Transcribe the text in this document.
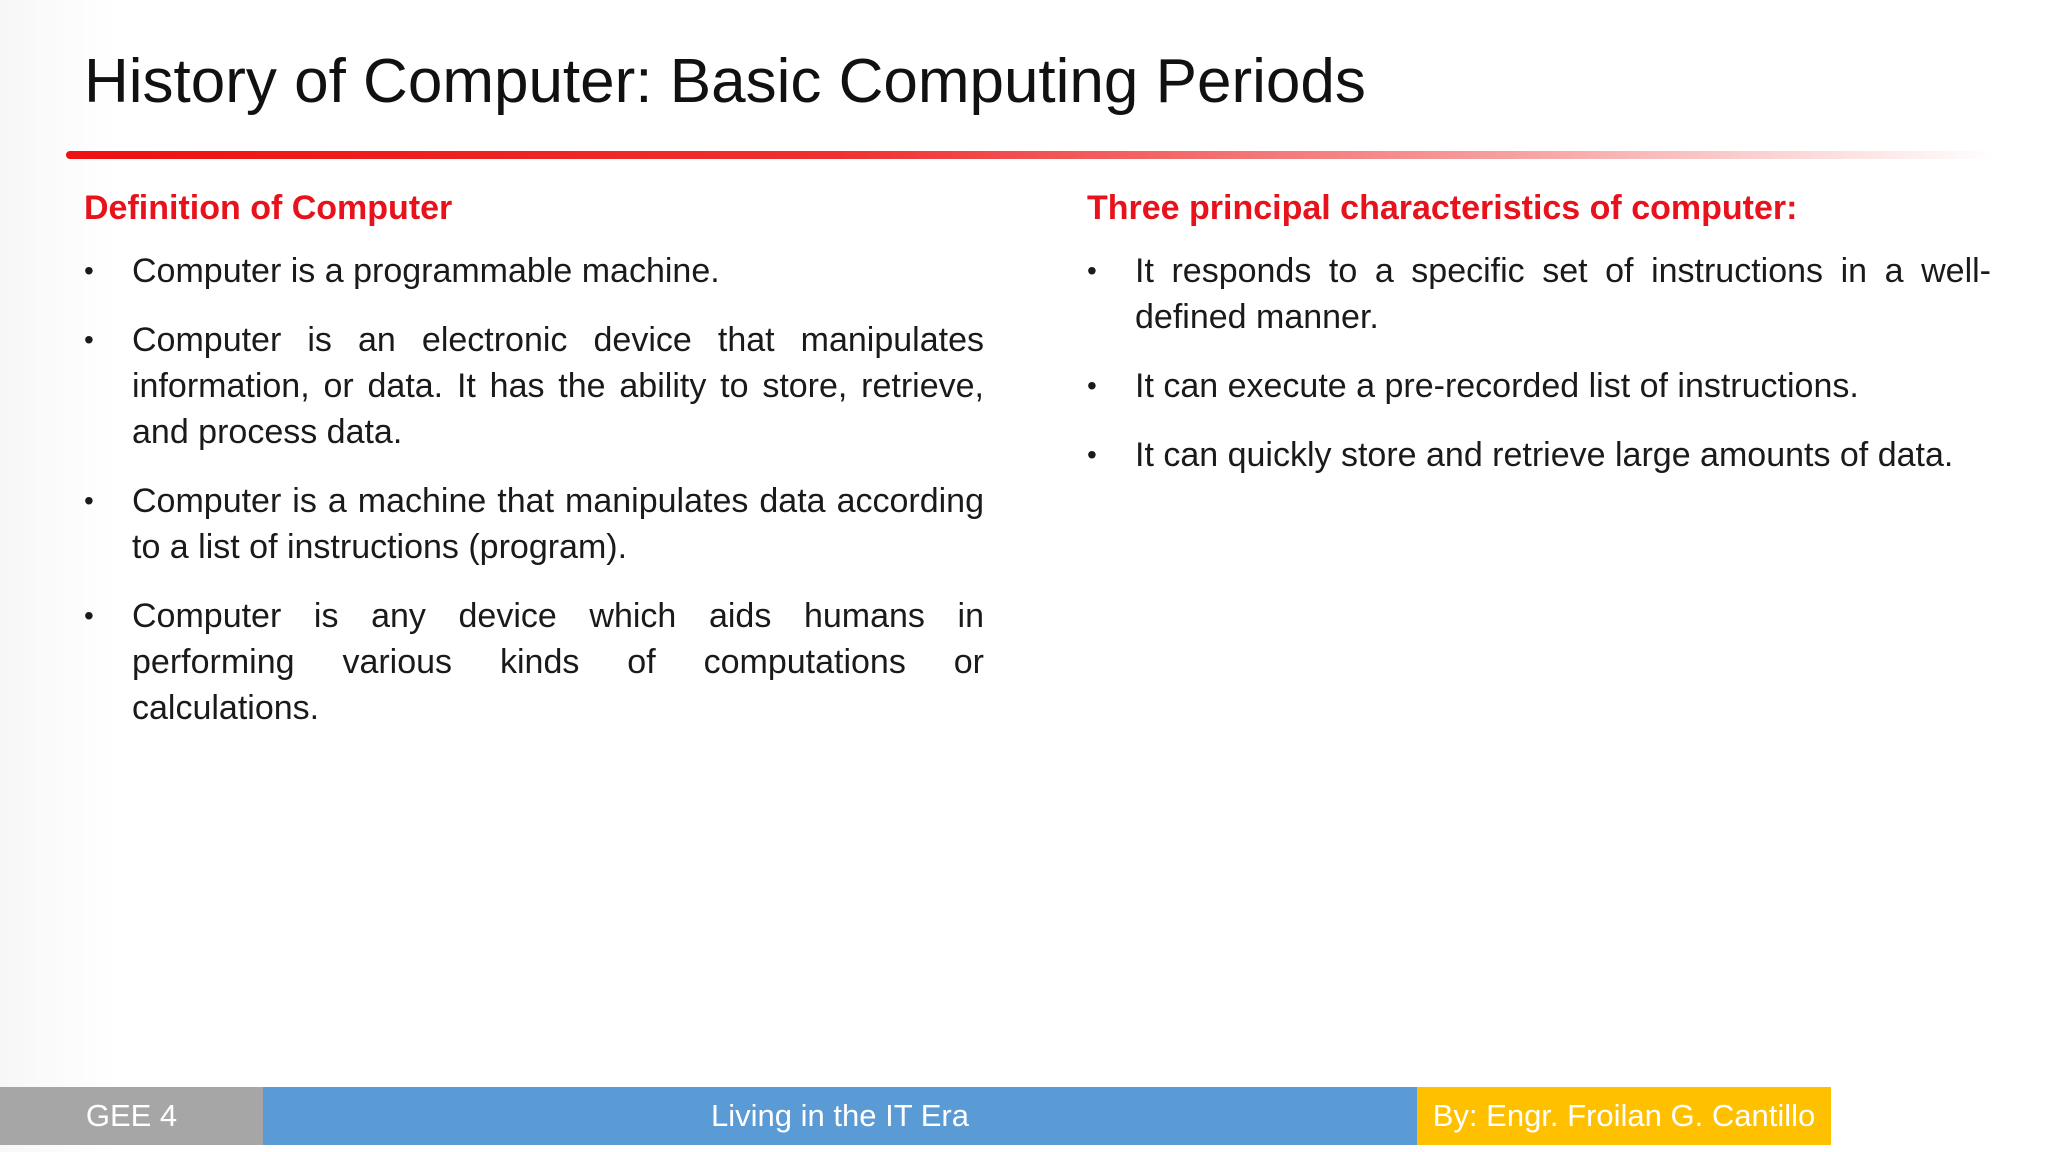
History of Computer: Basic Computing Periods
Definition of Computer
• Computer is a programmable machine.
• Computer is an electronic device that manipulates information, or data. It has the ability to store, retrieve, and process data.
• Computer is a machine that manipulates data according to a list of instructions (program).
• Computer is any device which aids humans in performing various kinds of computations or calculations.
Three principal characteristics of computer:
• It responds to a specific set of instructions in a well-defined manner.
• It can execute a pre-recorded list of instructions.
• It can quickly store and retrieve large amounts of data.
GEE 4	Living in the IT Era	By: Engr. Froilan G. Cantillo
